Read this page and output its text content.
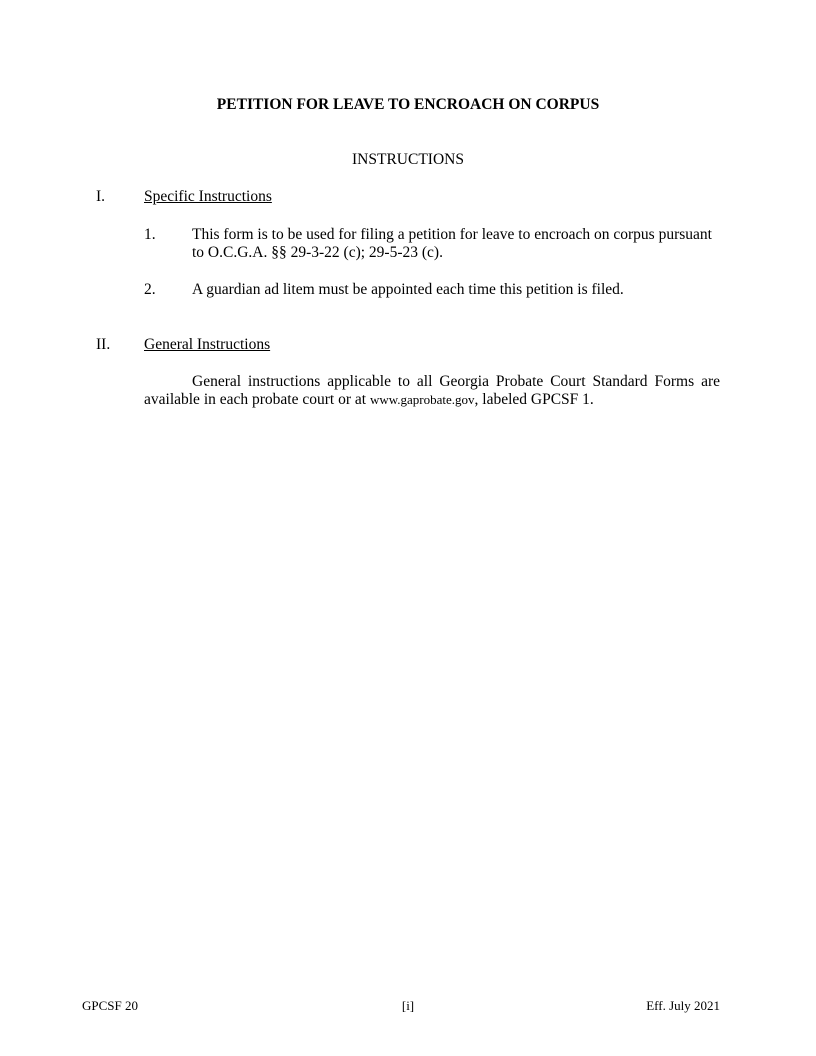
PETITION FOR LEAVE TO ENCROACH ON CORPUS
INSTRUCTIONS
I.	Specific Instructions
1. This form is to be used for filing a petition for leave to encroach on corpus pursuant to O.C.G.A. §§ 29-3-22 (c); 29-5-23 (c).
2. A guardian ad litem must be appointed each time this petition is filed.
II. General Instructions
General instructions applicable to all Georgia Probate Court Standard Forms are available in each probate court or at www.gaprobate.gov, labeled GPCSF 1.
GPCSF 20	[i]	Eff. July 2021
